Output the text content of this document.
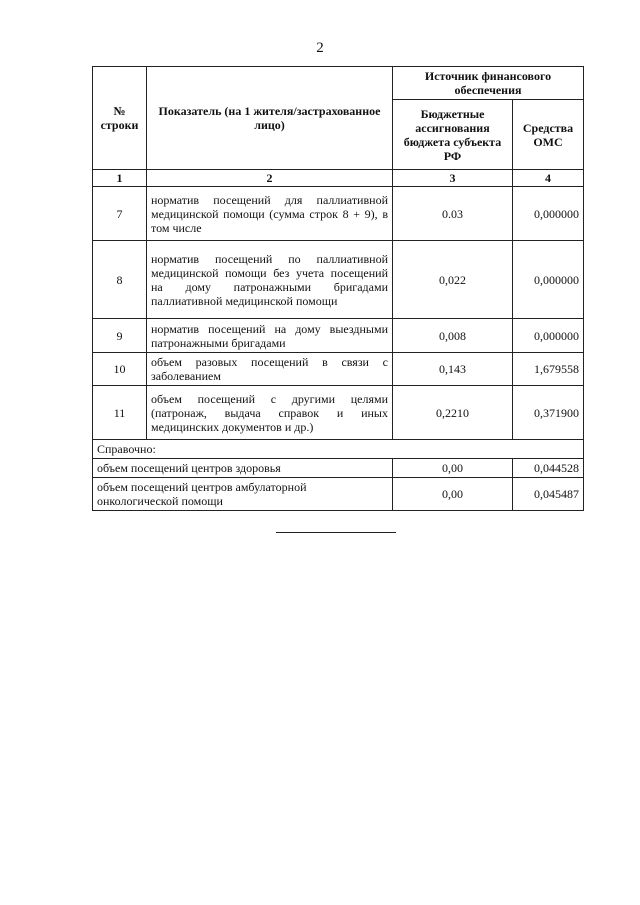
2
№ строки	Показатель (на 1 жителя/застрахованное лицо)	Источник финансового обеспечения	
		Бюджетные ассигнования бюджета субъекта РФ	Средства ОМС
1	2	3	4
7	норматив посещений для паллиативной медицинской помощи (сумма строк 8 + 9), в том числе	0.03	0,000000
8	норматив посещений по паллиативной медицинской помощи без учета посещений на дому патронажными бригадами паллиативной медицинской помощи	0,022	0,000000
9	норматив посещений на дому выездными патронажными бригадами	0,008	0,000000
10	объем разовых посещений в связи с заболеванием	0,143	1,679558
11	объем посещений с другими целями (патронаж, выдача справок и иных медицинских документов и др.)	0,2210	0,371900
Справочно:			
объем посещений центров здоровья		0,00	0,044528
объем посещений центров амбулаторной онкологической помощи		0,00	0,045487
